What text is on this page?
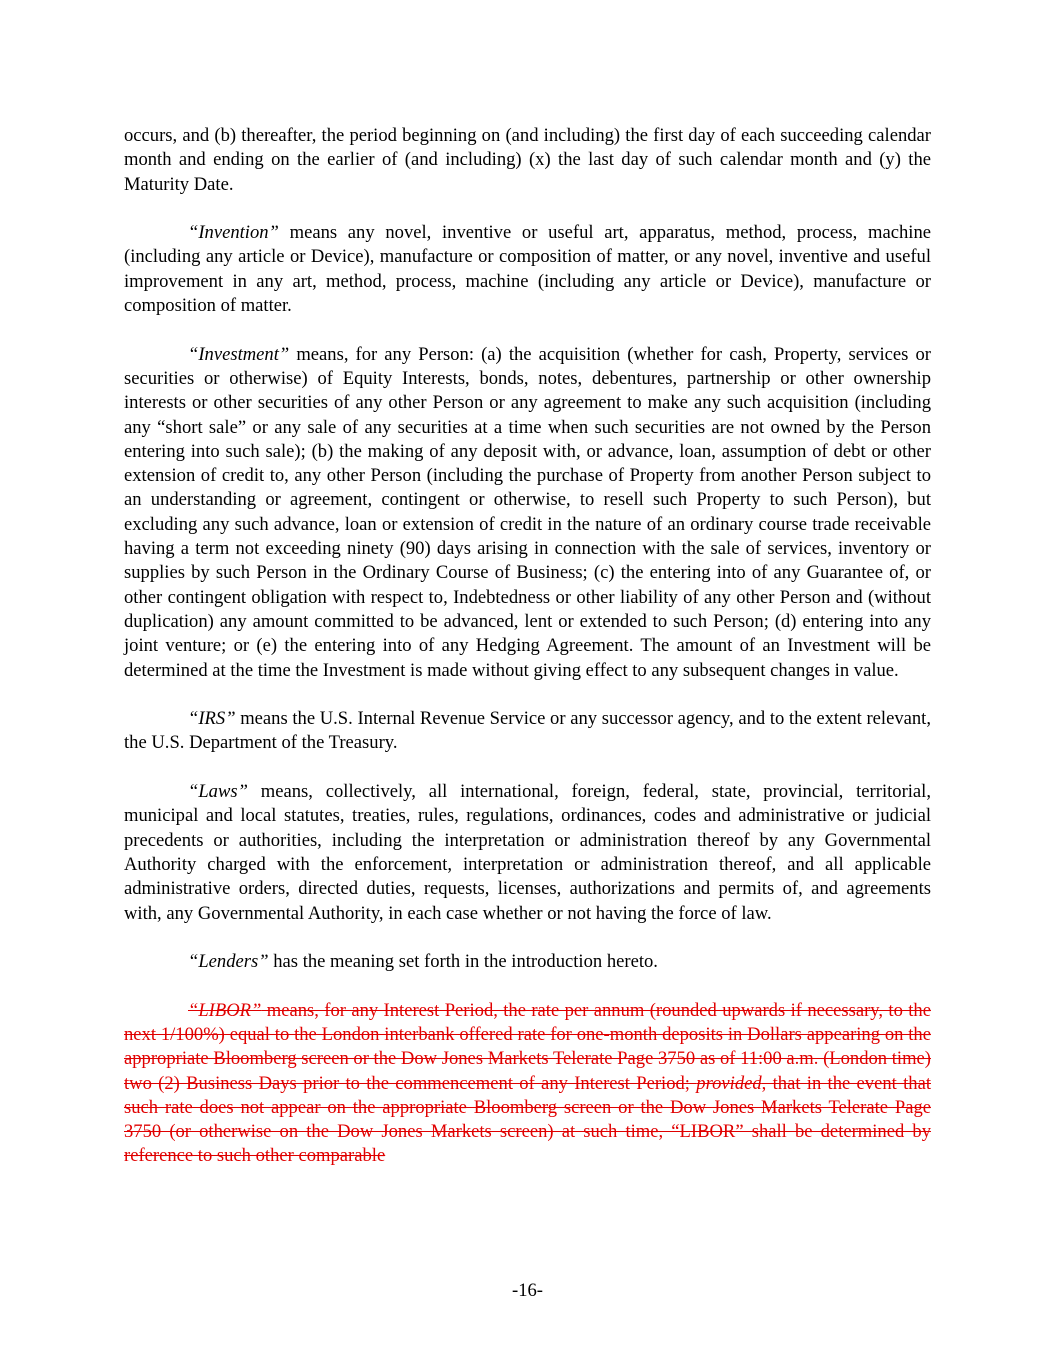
occurs, and (b) thereafter, the period beginning on (and including) the first day of each succeeding calendar month and ending on the earlier of (and including) (x) the last day of such calendar month and (y) the Maturity Date.

“Invention” means any novel, inventive or useful art, apparatus, method, process, machine (including any article or Device), manufacture or composition of matter, or any novel, inventive and useful improvement in any art, method, process, machine (including any article or Device), manufacture or composition of matter.

“Investment” means, for any Person: (a) the acquisition (whether for cash, Property, services or securities or otherwise) of Equity Interests, bonds, notes, debentures, partnership or other ownership interests or other securities of any other Person or any agreement to make any such acquisition (including any “short sale” or any sale of any securities at a time when such securities are not owned by the Person entering into such sale); (b) the making of any deposit with, or advance, loan, assumption of debt or other extension of credit to, any other Person (including the purchase of Property from another Person subject to an understanding or agreement, contingent or otherwise, to resell such Property to such Person), but excluding any such advance, loan or extension of credit in the nature of an ordinary course trade receivable having a term not exceeding ninety (90) days arising in connection with the sale of services, inventory or supplies by such Person in the Ordinary Course of Business; (c) the entering into of any Guarantee of, or other contingent obligation with respect to, Indebtedness or other liability of any other Person and (without duplication) any amount committed to be advanced, lent or extended to such Person; (d) entering into any joint venture; or (e) the entering into of any Hedging Agreement. The amount of an Investment will be determined at the time the Investment is made without giving effect to any subsequent changes in value.

“IRS” means the U.S. Internal Revenue Service or any successor agency, and to the extent relevant, the U.S. Department of the Treasury.

“Laws” means, collectively, all international, foreign, federal, state, provincial, territorial, municipal and local statutes, treaties, rules, regulations, ordinances, codes and administrative or judicial precedents or authorities, including the interpretation or administration thereof by any Governmental Authority charged with the enforcement, interpretation or administration thereof, and all applicable administrative orders, directed duties, requests, licenses, authorizations and permits of, and agreements with, any Governmental Authority, in each case whether or not having the force of law.

“Lenders” has the meaning set forth in the introduction hereto.

“LIBOR” means, for any Interest Period, the rate per annum (rounded upwards if necessary, to the next 1/100%) equal to the London interbank offered rate for one-month deposits in Dollars appearing on the appropriate Bloomberg screen or the Dow Jones Markets Telerate Page 3750 as of 11:00 a.m. (London time) two (2) Business Days prior to the commencement of any Interest Period; provided, that in the event that such rate does not appear on the appropriate Bloomberg screen or the Dow Jones Markets Telerate Page 3750 (or otherwise on the Dow Jones Markets screen) at such time, “LIBOR” shall be determined by reference to such other comparable

-16-
